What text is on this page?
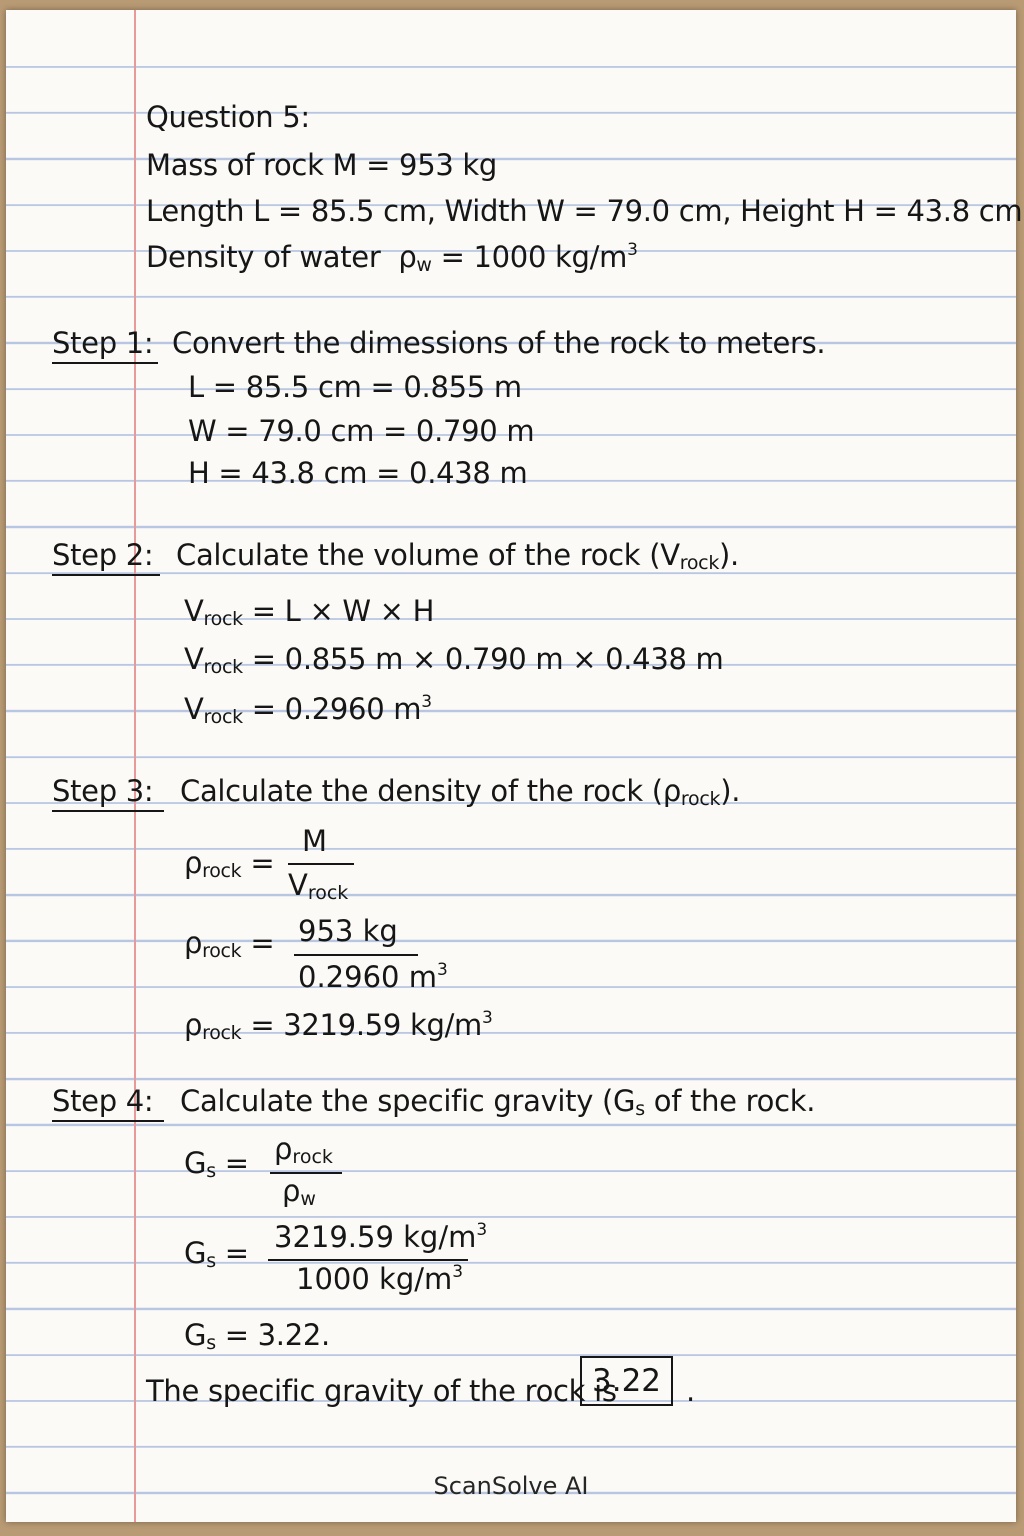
Question 5:
Mass of rock M = 953 kg
Length L = 85.5 cm, Width W = 79.0 cm, Height H = 43.8 cm
Density of water $\rho_w = 1000$ $kg/m^3$
Step 1: Convert the dimessions of the rock to meters.
L = 85.5 cm = 0.855 m
W = 79.0 cm = 0.790 m
H = 43.8 cm = 0.438 m
Step 2: Calculate the volume of the rock $(V_{rock})$.
$V_{rock} = L \times W \times H$
$V_{rock} = 0.855$ m × 0.790 m × 0.438 m
$V_{rock} = 0.2960$ $m^3$
Step 3: Calculate the density of the rock $(\rho_{rock})$.
$\rho_{rock}$ =
M
$V_{rock}$
$\rho_{rock} = 953$ kg
0.2960 $m^3$
$\rho_{rock} = 3219.59$ $kg/m^3$
Step 4: Calculate the specific gravity ($G_s$ of the rock.
$G_s = \rho_{rock}$
$\rho_w$
$G_s = 3219.59$ $kg/m^3$
1000 $kg/m^3$
$G_s = 3.22$.
The specific gravity of the rock is
3.22 .
ScanSolve AI
